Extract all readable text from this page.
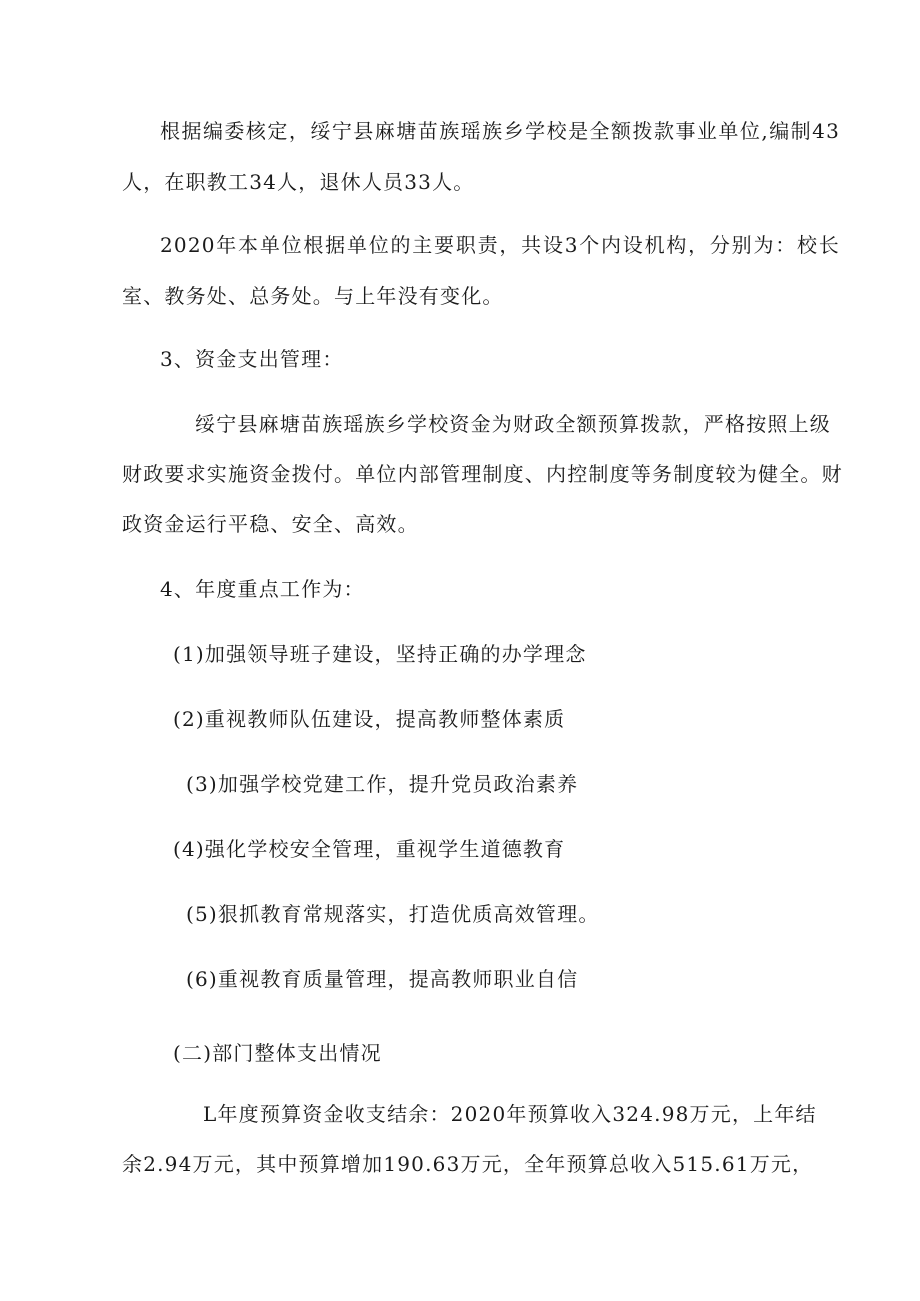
根据编委核定，绥宁县麻塘苗族瑶族乡学校是全额拨款事业单位,编制43
人，在职教工34人，退休人员33人。
2020年本单位根据单位的主要职责，共设3个内设机构，分别为：校长
室、教务处、总务处。与上年没有变化。
3、资金支出管理：
绥宁县麻塘苗族瑶族乡学校资金为财政全额预算拨款，严格按照上级
财政要求实施资金拨付。单位内部管理制度、内控制度等务制度较为健全。财
政资金运行平稳、安全、高效。
4、年度重点工作为：
(1)加强领导班子建设，坚持正确的办学理念
(2)重视教师队伍建设，提高教师整体素质
(3)加强学校党建工作，提升党员政治素养
(4)强化学校安全管理，重视学生道德教育
(5)狠抓教育常规落实，打造优质高效管理。
(6)重视教育质量管理，提高教师职业自信
(二)部门整体支出情况
L年度预算资金收支结余：2020年预算收入324.98万元，上年结
余2.94万元，其中预算增加190.63万元，全年预算总收入515.61万元，
